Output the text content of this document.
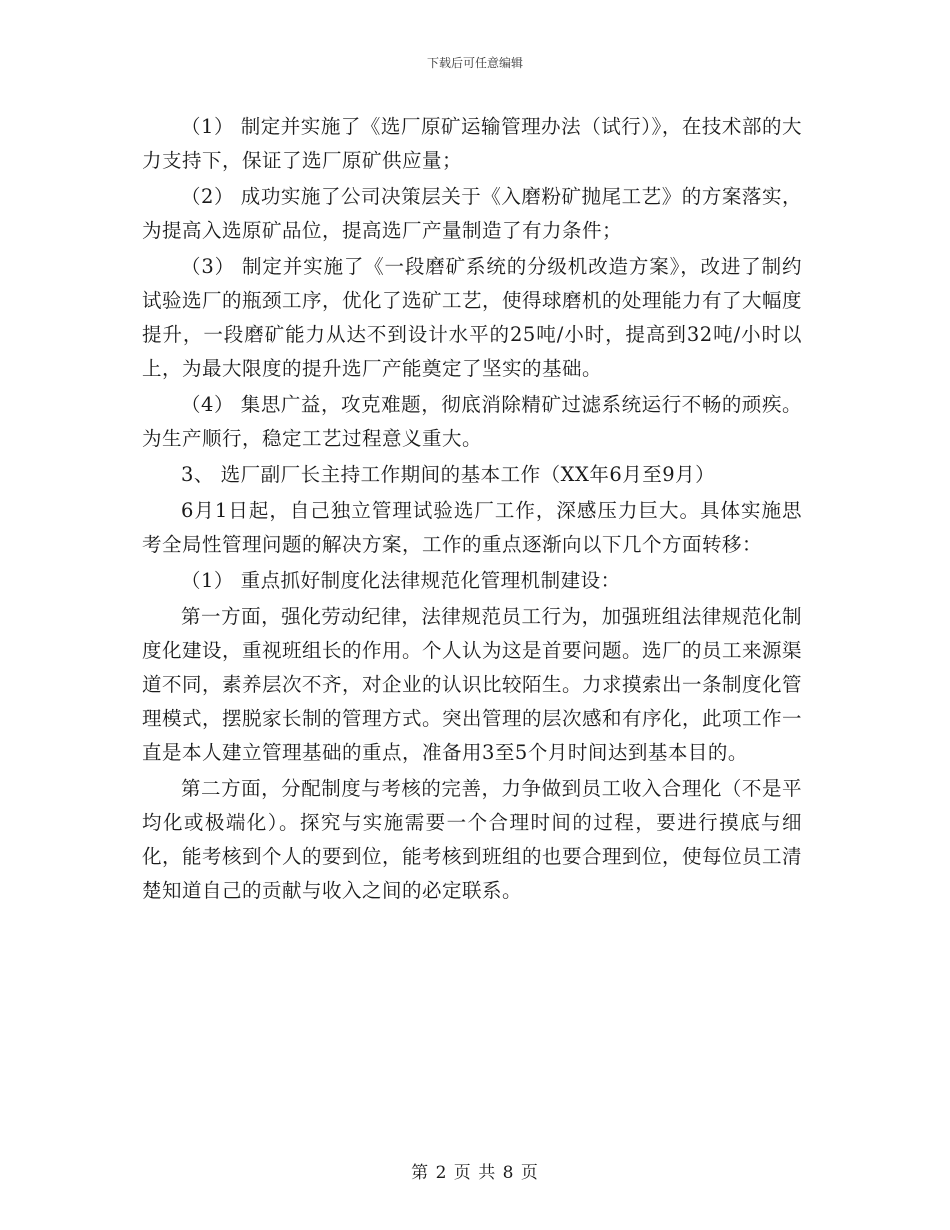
下载后可任意编辑

（1） 制定并实施了《选厂原矿运输管理办法（试行）》，在技术部的大力支持下，保证了选厂原矿供应量；

（2） 成功实施了公司决策层关于《入磨粉矿抛尾工艺》的方案落实，为提高入选原矿品位，提高选厂产量制造了有力条件；

（3） 制定并实施了《一段磨矿系统的分级机改造方案》，改进了制约试验选厂的瓶颈工序，优化了选矿工艺，使得球磨机的处理能力有了大幅度提升，一段磨矿能力从达不到设计水平的25吨/小时，提高到32吨/小时以上，为最大限度的提升选厂产能奠定了坚实的基础。

（4） 集思广益，攻克难题，彻底消除精矿过滤系统运行不畅的顽疾。为生产顺行，稳定工艺过程意义重大。

3、 选厂副厂长主持工作期间的基本工作（XX年6月至9月）

6月1日起，自己独立管理试验选厂工作，深感压力巨大。具体实施思考全局性管理问题的解决方案，工作的重点逐渐向以下几个方面转移：

（1） 重点抓好制度化法律规范化管理机制建设：

第一方面，强化劳动纪律，法律规范员工行为，加强班组法律规范化制度化建设，重视班组长的作用。个人认为这是首要问题。选厂的员工来源渠道不同，素养层次不齐，对企业的认识比较陌生。力求摸索出一条制度化管理模式，摆脱家长制的管理方式。突出管理的层次感和有序化，此项工作一直是本人建立管理基础的重点，准备用3至5个月时间达到基本目的。

第二方面，分配制度与考核的完善，力争做到员工收入合理化（不是平均化或极端化）。探究与实施需要一个合理时间的过程，要进行摸底与细化，能考核到个人的要到位，能考核到班组的也要合理到位，使每位员工清楚知道自己的贡献与收入之间的必定联系。

第 2 页 共 8 页
